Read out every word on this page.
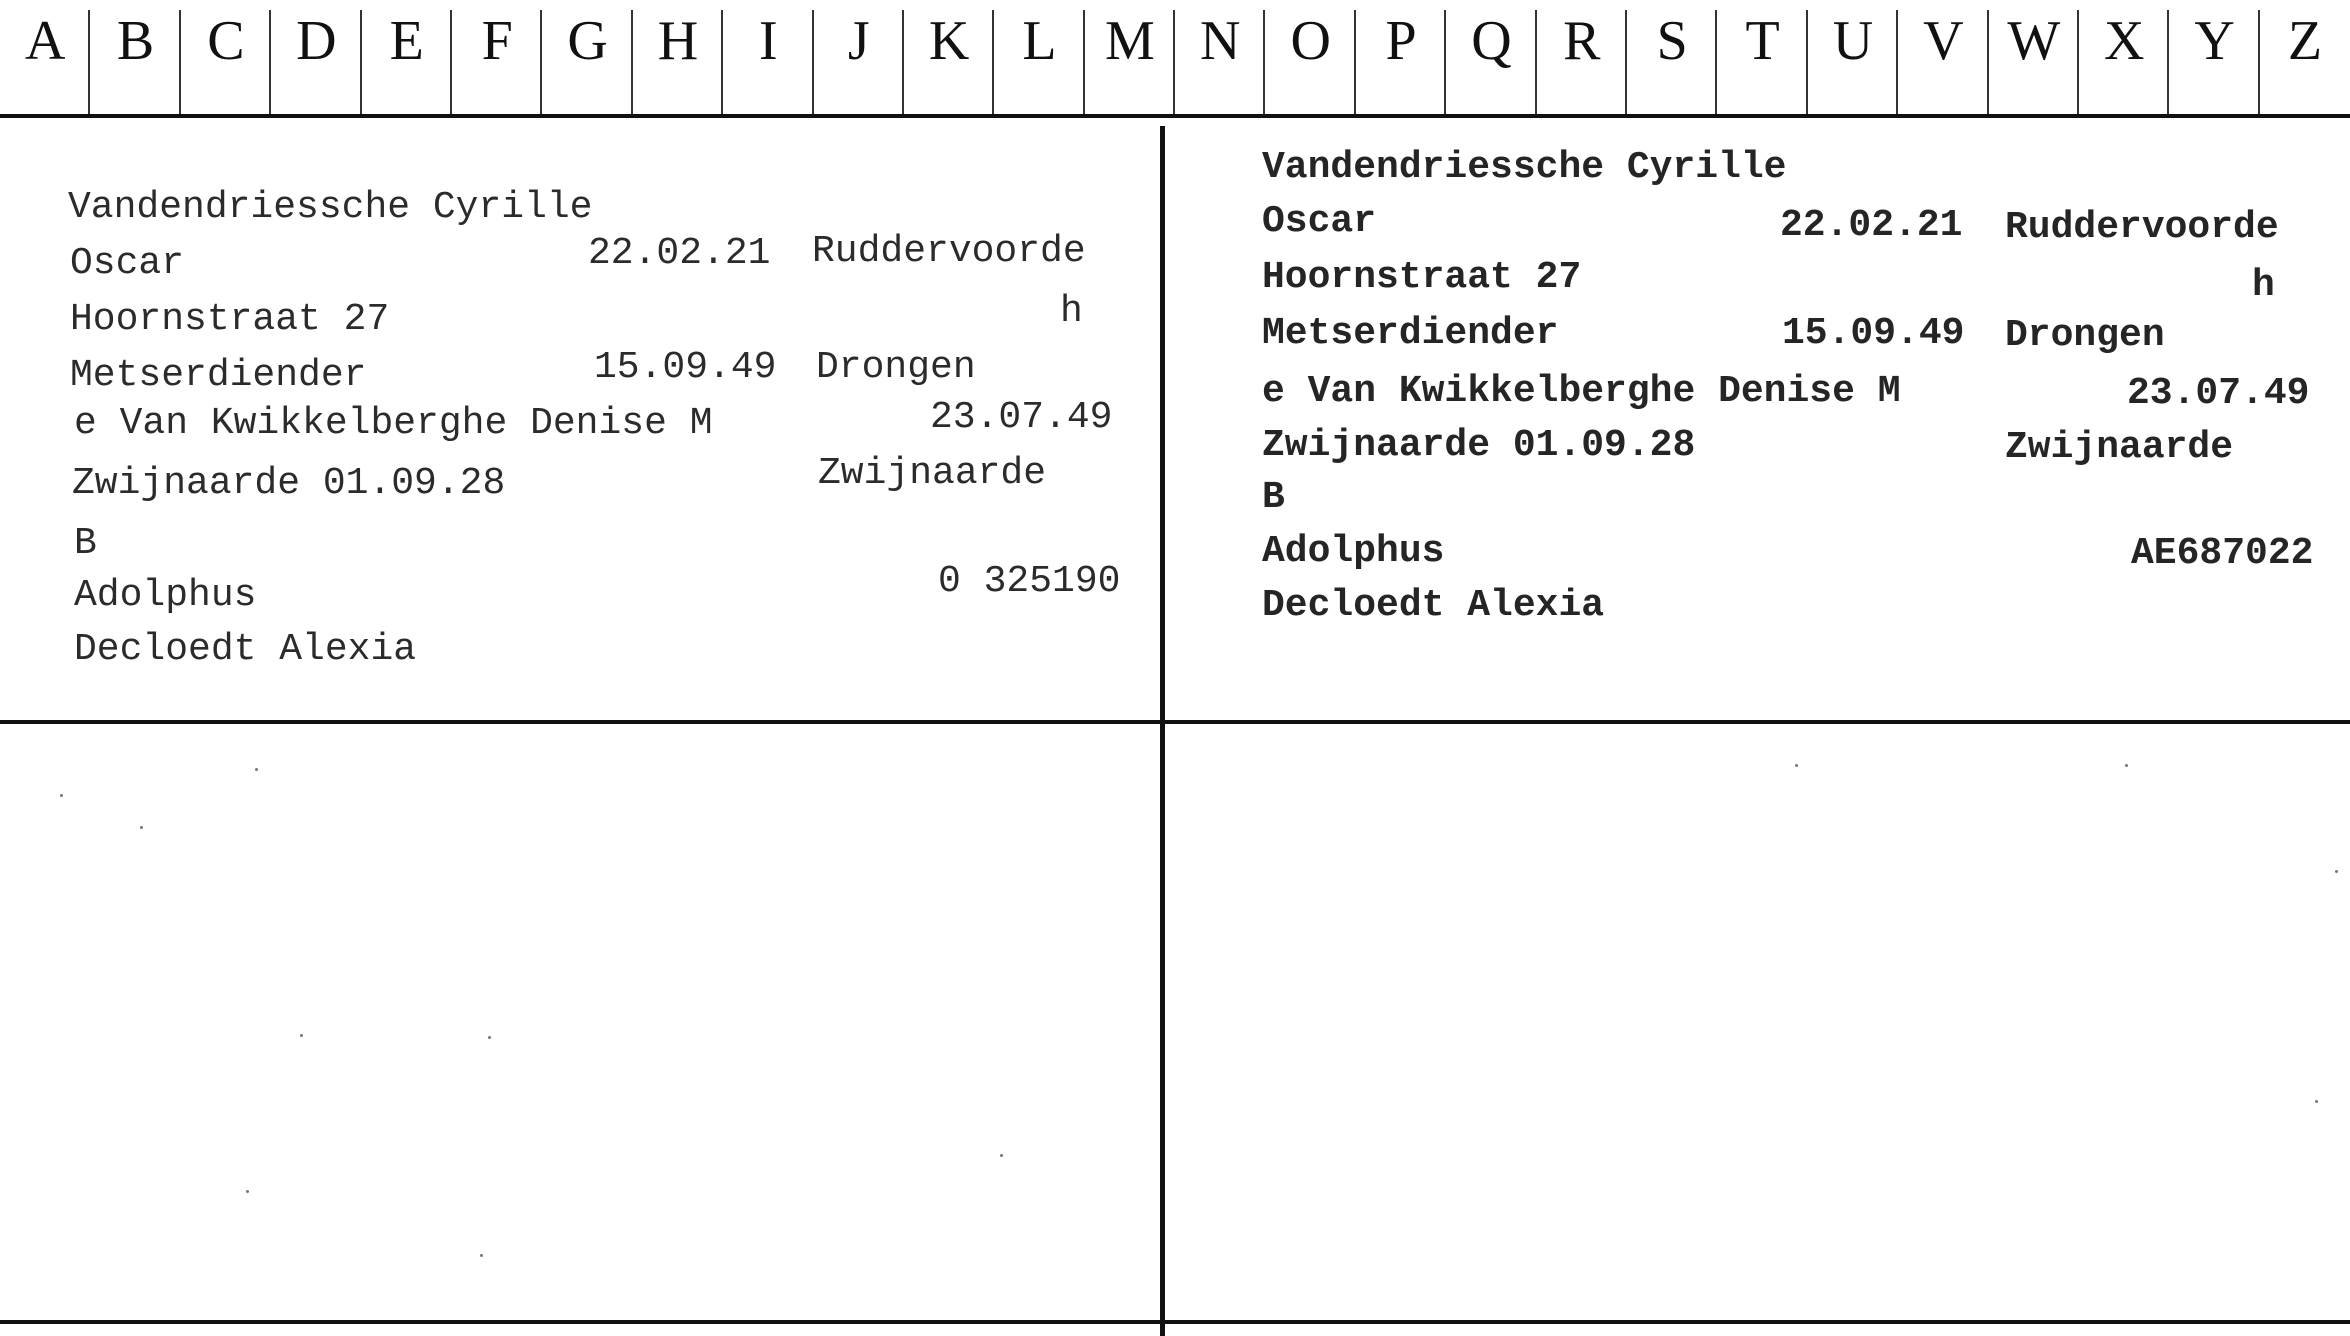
A B C D E	F G H	I	J	K L M N O P Q R	S	T U V W X Y Z
Vandendriessche Cyrille
Oscar	22.02.21 Ruddervoorde
Hoornstraat 27	h
Metserdiender	15.09.49 Drongen
e Van Kwikkelberghe Denise M	23.07.49
Zwijnaarde 01.09.28	Zwijnaarde
B
Adolphus	0 325190
Decloedt Alexia
Vandendriessche Cyrille
Oscar	22.02.21 Ruddervoorde
Hoornstraat 27	h
Metserdiender	15.09.49 Drongen
e Van Kwikkelberghe Denise M	23.07.49
Zwijnaarde 01.09.28	Zwijnaarde
B
Adolphus	AE687022
Decloedt Alexia
